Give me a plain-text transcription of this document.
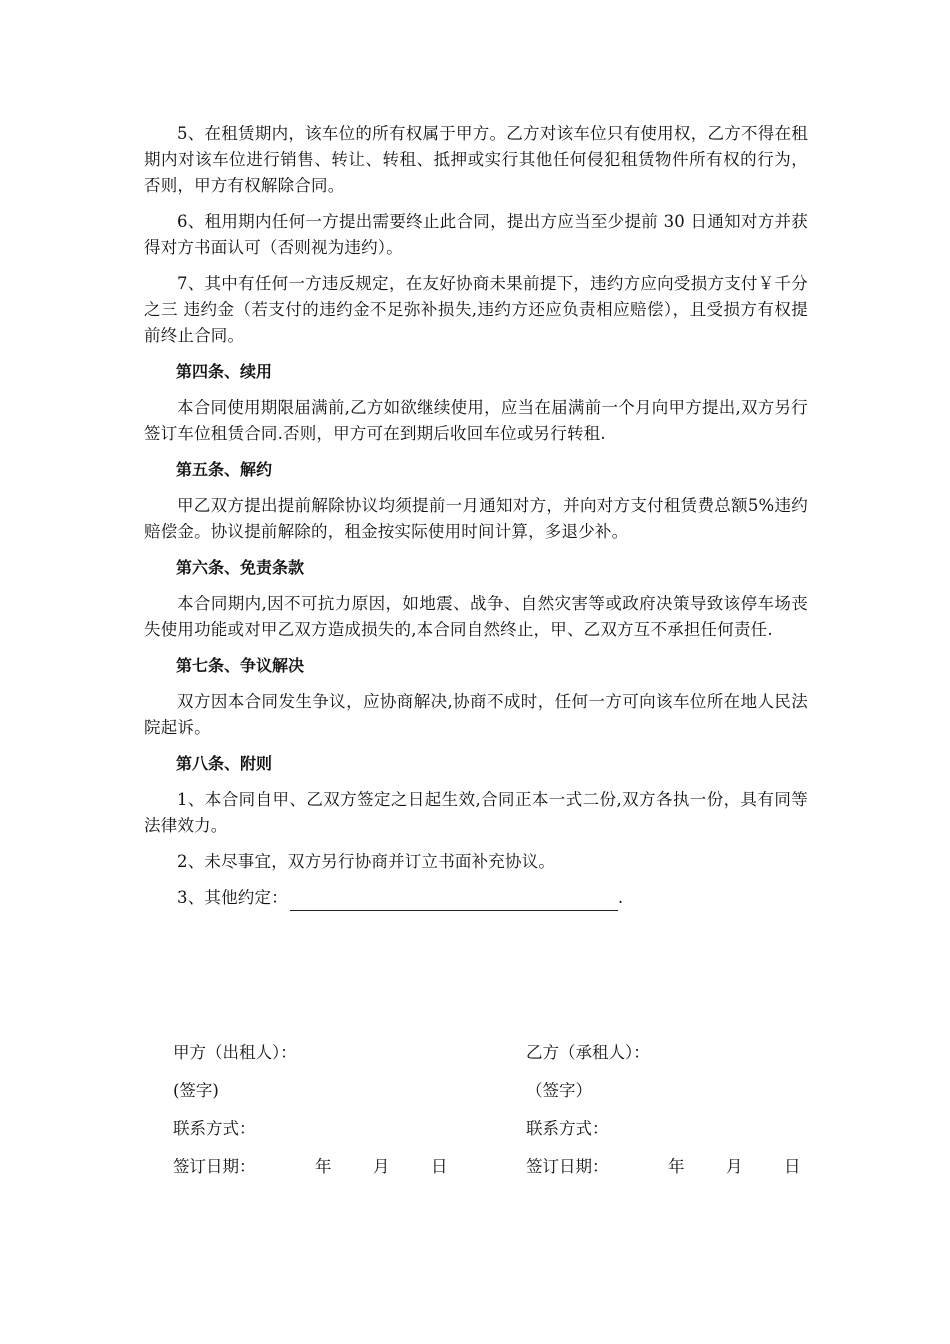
5、在租赁期内，该车位的所有权属于甲方。乙方对该车位只有使用权，乙方不得在租期内对该车位进行销售、转让、转租、抵押或实行其他任何侵犯租赁物件所有权的行为，否则，甲方有权解除合同。

6、租用期内任何一方提出需要终止此合同，提出方应当至少提前 30 日通知对方并获得对方书面认可（否则视为违约）。

7、其中有任何一方违反规定，在友好协商未果前提下，违约方应向受损方支付￥千分之三 违约金（若支付的违约金不足弥补损失,违约方还应负责相应赔偿），且受损方有权提前终止合同。

第四条、续用

本合同使用期限届满前,乙方如欲继续使用，应当在届满前一个月向甲方提出,双方另行签订车位租赁合同.否则，甲方可在到期后收回车位或另行转租.

第五条、解约

甲乙双方提出提前解除协议均须提前一月通知对方，并向对方支付租赁费总额5%违约赔偿金。协议提前解除的，租金按实际使用时间计算，多退少补。

第六条、免责条款

本合同期内,因不可抗力原因，如地震、战争、自然灾害等或政府决策导致该停车场丧失使用功能或对甲乙双方造成损失的,本合同自然终止，甲、乙双方互不承担任何责任.

第七条、争议解决

双方因本合同发生争议，应协商解决,协商不成时，任何一方可向该车位所在地人民法院起诉。

第八条、附则

1、本合同自甲、乙双方签定之日起生效,合同正本一式二份,双方各执一份，具有同等法律效力。

2、未尽事宜，双方另行协商并订立书面补充协议。

3、其他约定：	.

甲方（出租人）：
(签字)
联系方式：
签订日期：	年	月	日
乙方（承租人）：
（签字）
联系方式：
签订日期：	年	月	日
